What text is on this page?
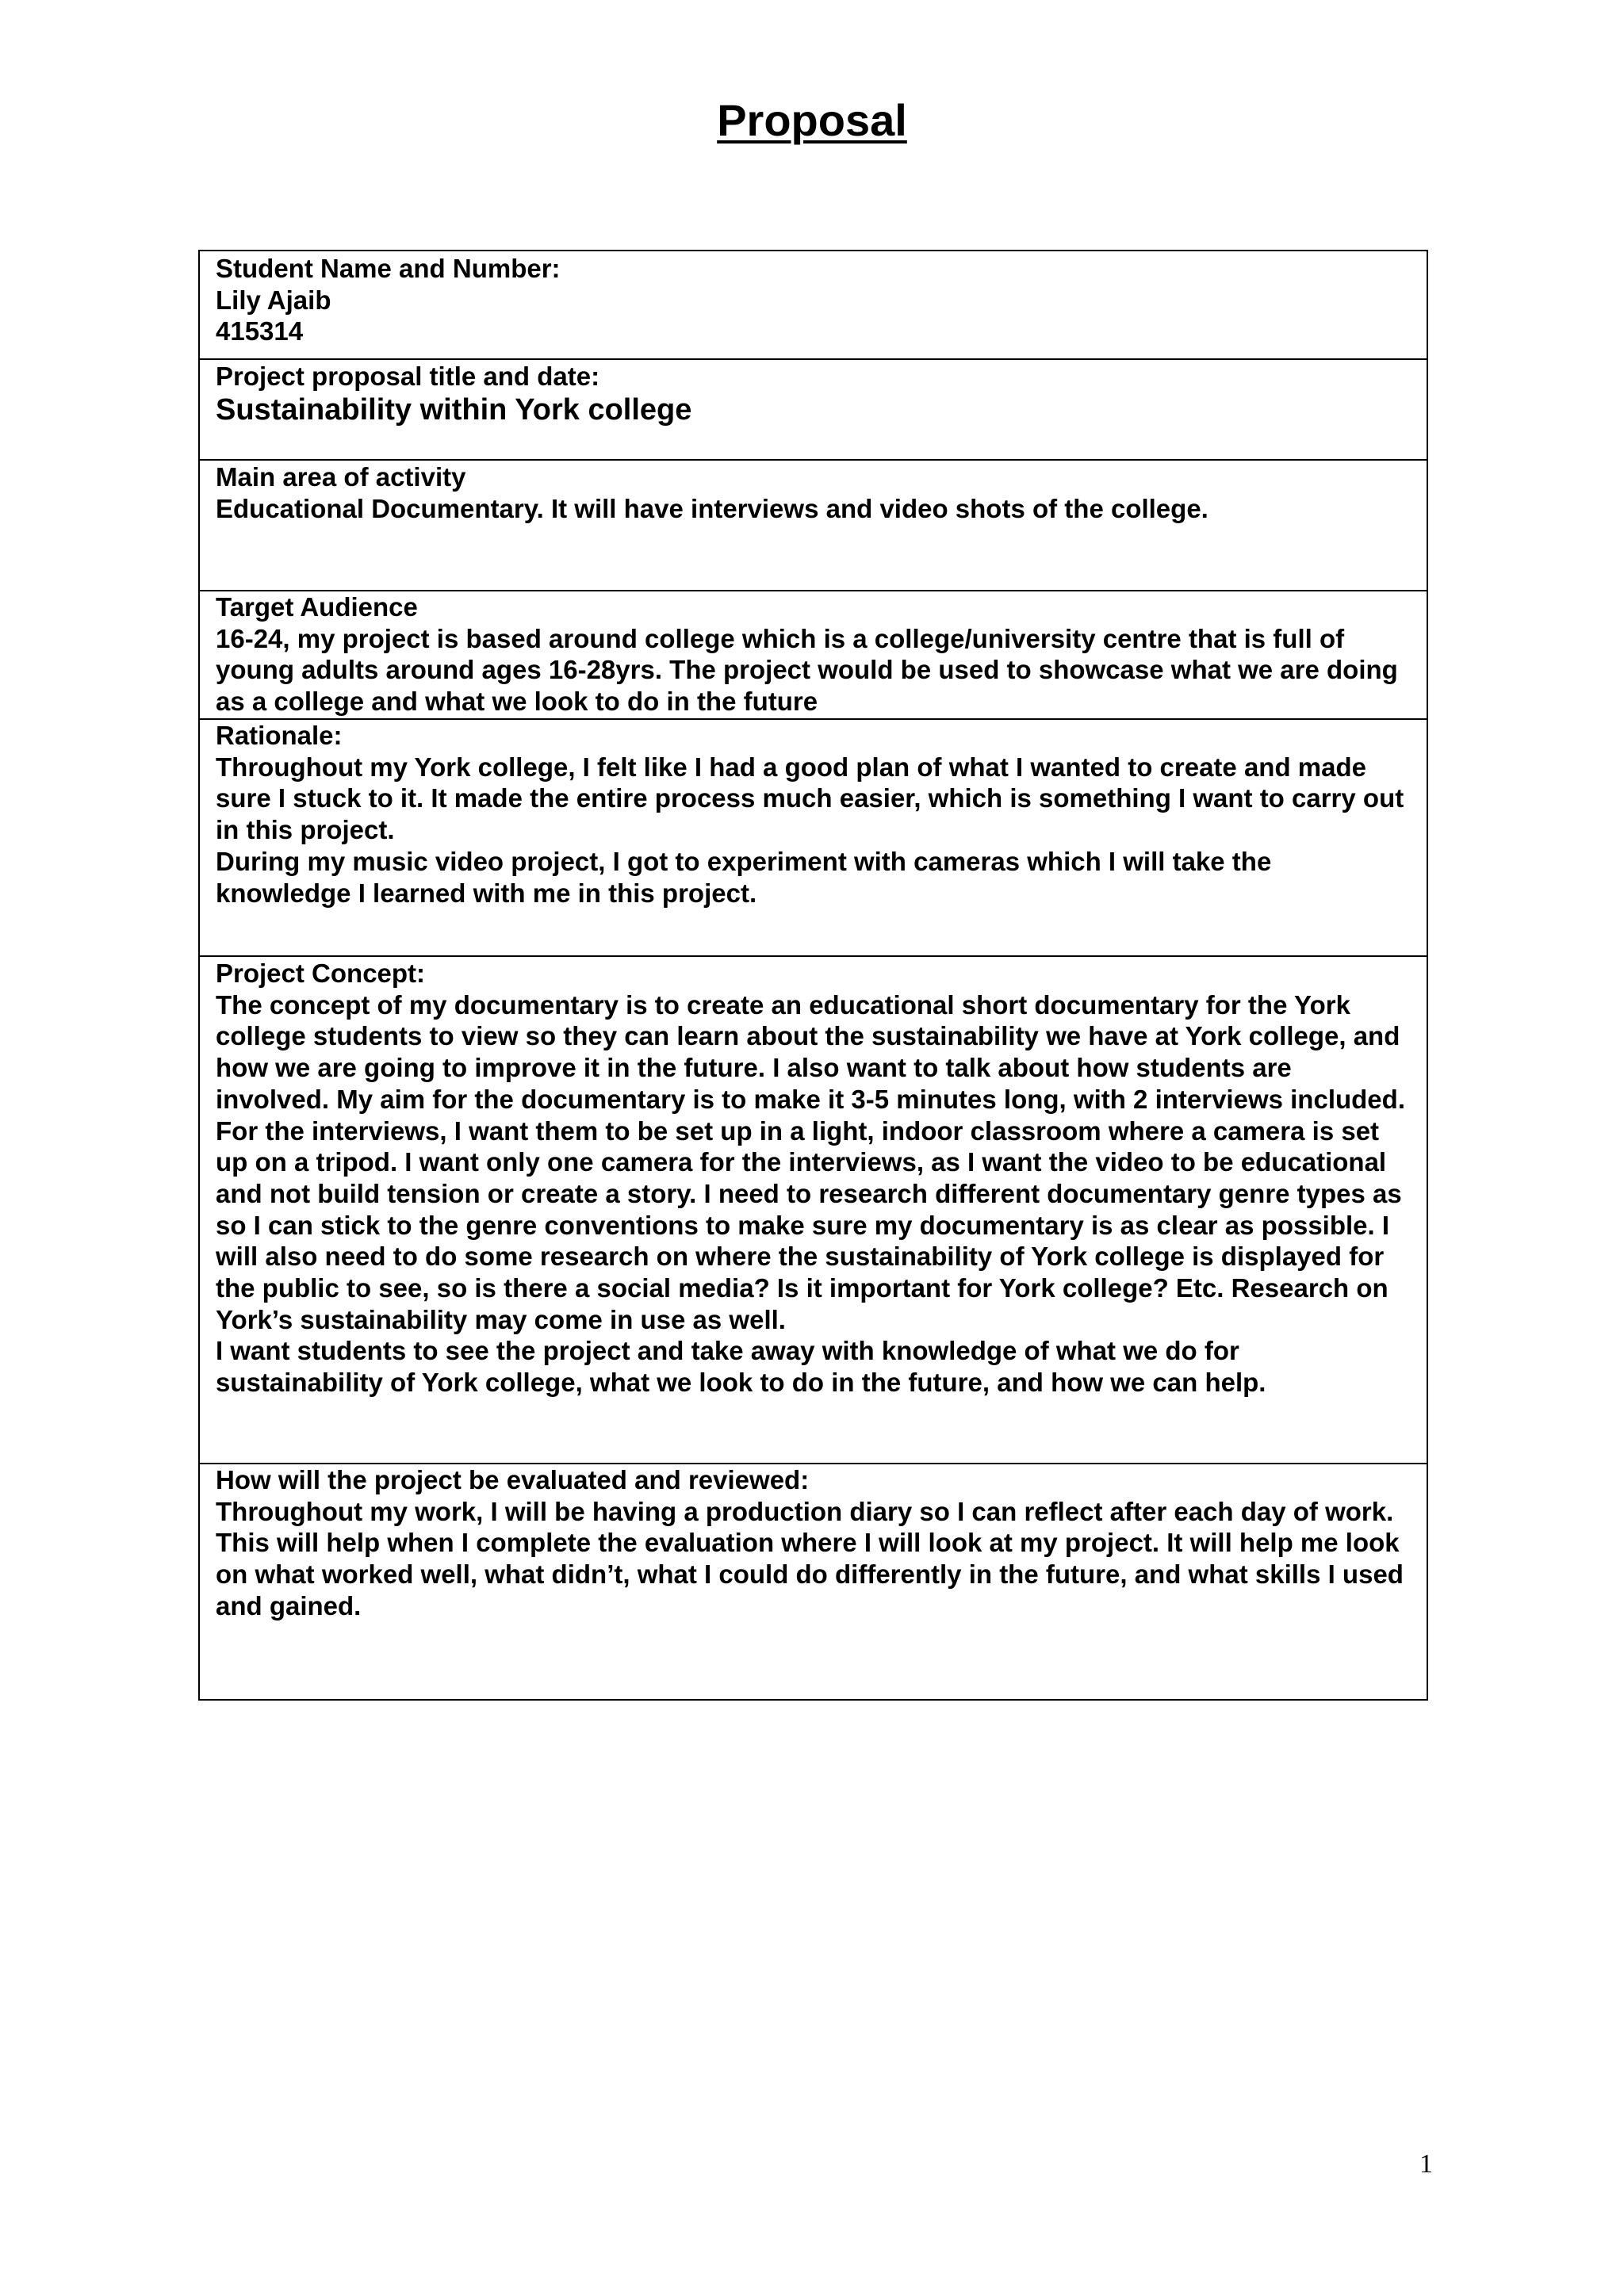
Proposal

Student Name and Number:

Lily Ajaib

415314

Project proposal title and date:

Sustainability within York college

Main area of activity

Educational Documentary. It will have interviews and video shots of the college.

Target Audience

16-24, my project is based around college which is a college/university centre that is full of young adults around ages 16-28yrs. The project would be used to showcase what we are doing as a college and what we look to do in the future

Rationale:

Throughout my York college, I felt like I had a good plan of what I wanted to create and made sure I stuck to it. It made the entire process much easier, which is something I want to carry out in this project.

During my music video project, I got to experiment with cameras which I will take the knowledge I learned with me in this project.

Project Concept:

The concept of my documentary is to create an educational short documentary for the York college students to view so they can learn about the sustainability we have at York college, and how we are going to improve it in the future. I also want to talk about how students are involved. My aim for the documentary is to make it 3-5 minutes long, with 2 interviews included. For the interviews, I want them to be set up in a light, indoor classroom where a camera is set up on a tripod. I want only one camera for the interviews, as I want the video to be educational and not build tension or create a story. I need to research different documentary genre types as so I can stick to the genre conventions to make sure my documentary is as clear as possible. I will also need to do some research on where the sustainability of York college is displayed for the public to see, so is there a social media? Is it important for York college? Etc. Research on York’s sustainability may come in use as well.

I want students to see the project and take away with knowledge of what we do for sustainability of York college, what we look to do in the future, and how we can help.

How will the project be evaluated and reviewed:

Throughout my work, I will be having a production diary so I can reflect after each day of work. This will help when I complete the evaluation where I will look at my project. It will help me look on what worked well, what didn’t, what I could do differently in the future, and what skills I used and gained.

1
